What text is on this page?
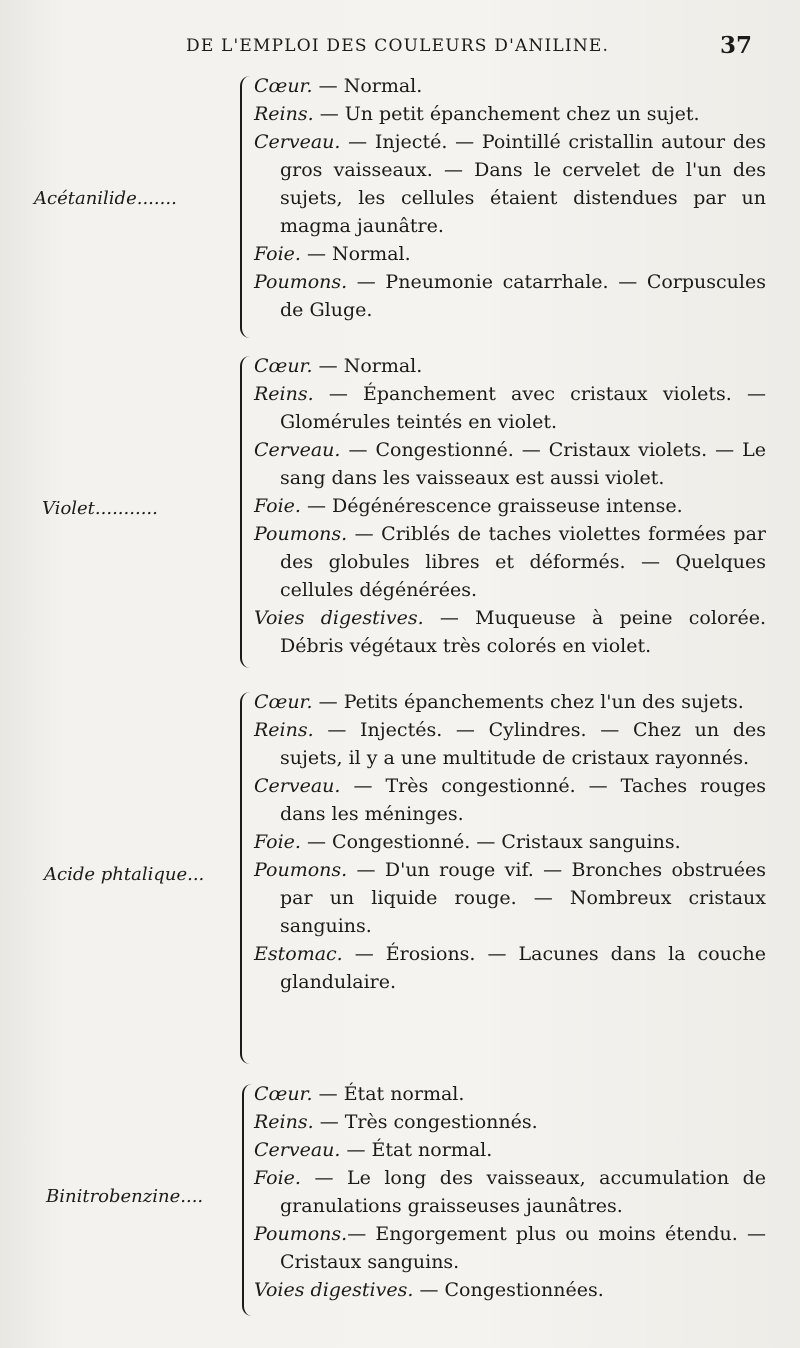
DE L'EMPLOI DES COULEURS D'ANILINE.	37
Acétanilide.......
Cœur. — Normal.
Reins. — Un petit épanchement chez un sujet.
Cerveau. — Injecté. — Pointillé cristallin autour des gros vaisseaux. — Dans le cervelet de l'un des sujets, les cellules étaient distendues par un magma jaunâtre.
Foie. — Normal.
Poumons. — Pneumonie catarrhale. — Corpuscules de Gluge.
Violet...........
Cœur. — Normal.
Reins. — Épanchement avec cristaux violets. — Glomérules teintés en violet.
Cerveau. — Congestionné. — Cristaux violets. — Le sang dans les vaisseaux est aussi violet.
Foie. — Dégénérescence graisseuse intense.
Poumons. — Criblés de taches violettes formées par des globules libres et déformés. — Quelques cellules dégénérées.
Voies digestives. — Muqueuse à peine colorée. Débris végétaux très colorés en violet.
Acide phtalique...
Cœur. — Petits épanchements chez l'un des sujets.
Reins. — Injectés. — Cylindres. — Chez un des sujets, il y a une multitude de cristaux rayonnés.
Cerveau. — Très congestionné. — Taches rouges dans les méninges.
Foie. — Congestionné. — Cristaux sanguins.
Poumons. — D'un rouge vif. — Bronches obstruées par un liquide rouge. — Nombreux cristaux sanguins.
Estomac. — Érosions. — Lacunes dans la couche glandulaire.
Binitrobenzine....
Cœur. — État normal.
Reins. — Très congestionnés.
Cerveau. — État normal.
Foie. — Le long des vaisseaux, accumulation de granulations graisseuses jaunâtres.
Poumons.— Engorgement plus ou moins étendu. — Cristaux sanguins.
Voies digestives. — Congestionnées.
